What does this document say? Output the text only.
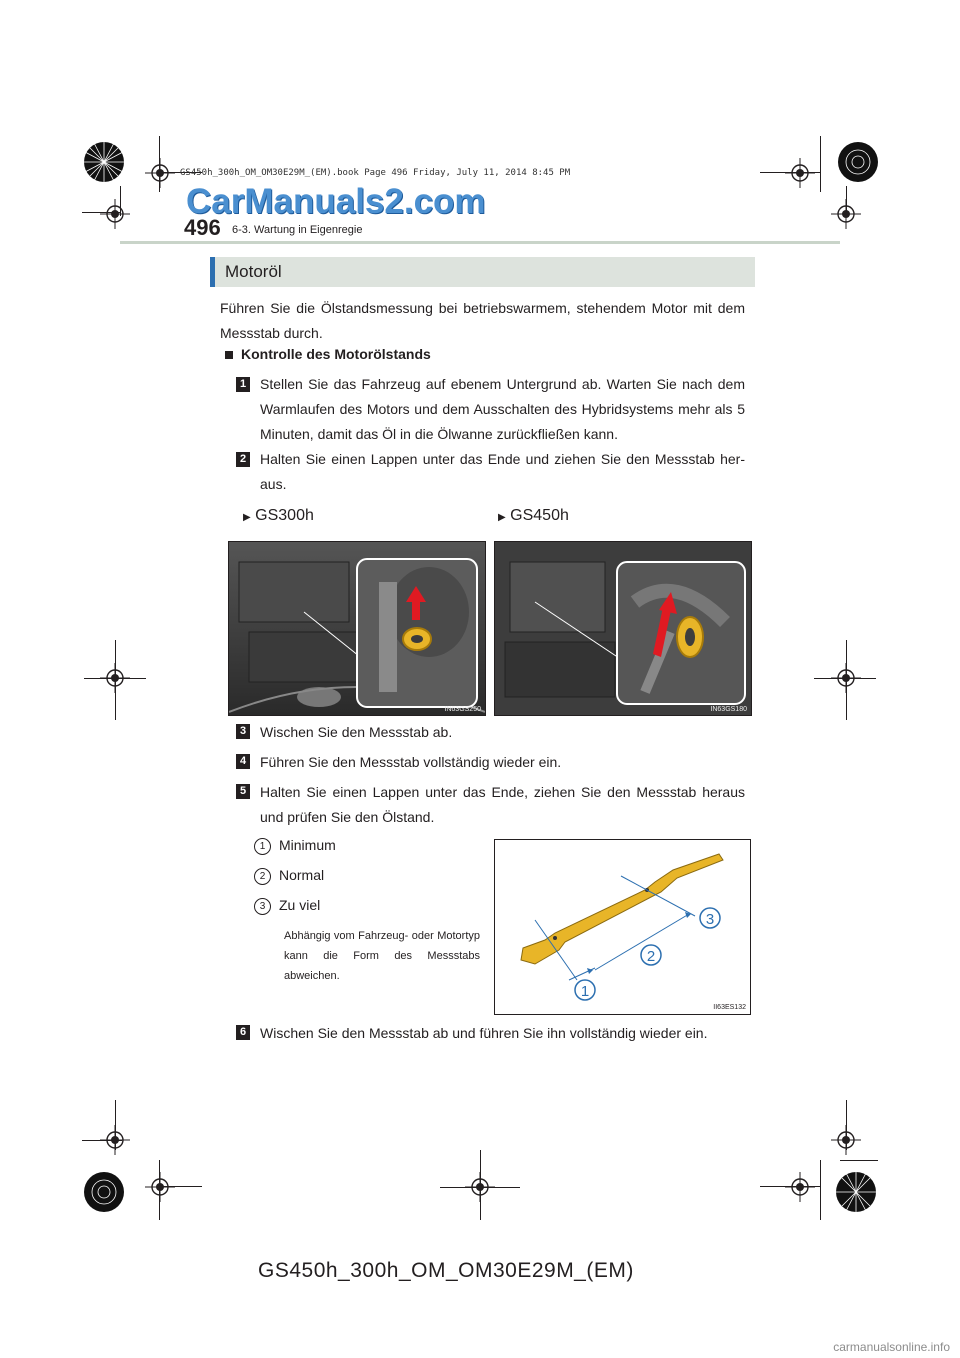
GS450h_300h_OM_OM30E29M_(EM).book Page 496 Friday, July 11, 2014 8:45 PM
CarManuals2.com
496 6-3. Wartung in Eigenregie
Motoröl
Führen Sie die Ölstandsmessung bei betriebswarmem, stehendem Motor mit dem Messstab durch.
Kontrolle des Motorölstands
1 Stellen Sie das Fahrzeug auf ebenem Untergrund ab. Warten Sie nach dem Warmlaufen des Motors und dem Ausschalten des Hybridsystems mehr als 5 Minuten, damit das Öl in die Ölwanne zurückfließen kann.
2 Halten Sie einen Lappen unter das Ende und ziehen Sie den Messstab her-aus.
▶ GS300h	▶ GS450h
IN63GS250	IN63GS180
3 Wischen Sie den Messstab ab.
4 Führen Sie den Messstab vollständig wieder ein.
5 Halten Sie einen Lappen unter das Ende, ziehen Sie den Messstab heraus und prüfen Sie den Ölstand.
1 Minimum
2 Normal
3 Zu viel
Abhängig vom Fahrzeug- oder Motortyp kann die Form des Messstabs abweichen.
3
2
1
II63ES132
6 Wischen Sie den Messstab ab und führen Sie ihn vollständig wieder ein.
GS450h_300h_OM_OM30E29M_(EM)
carmanualsonline.info
